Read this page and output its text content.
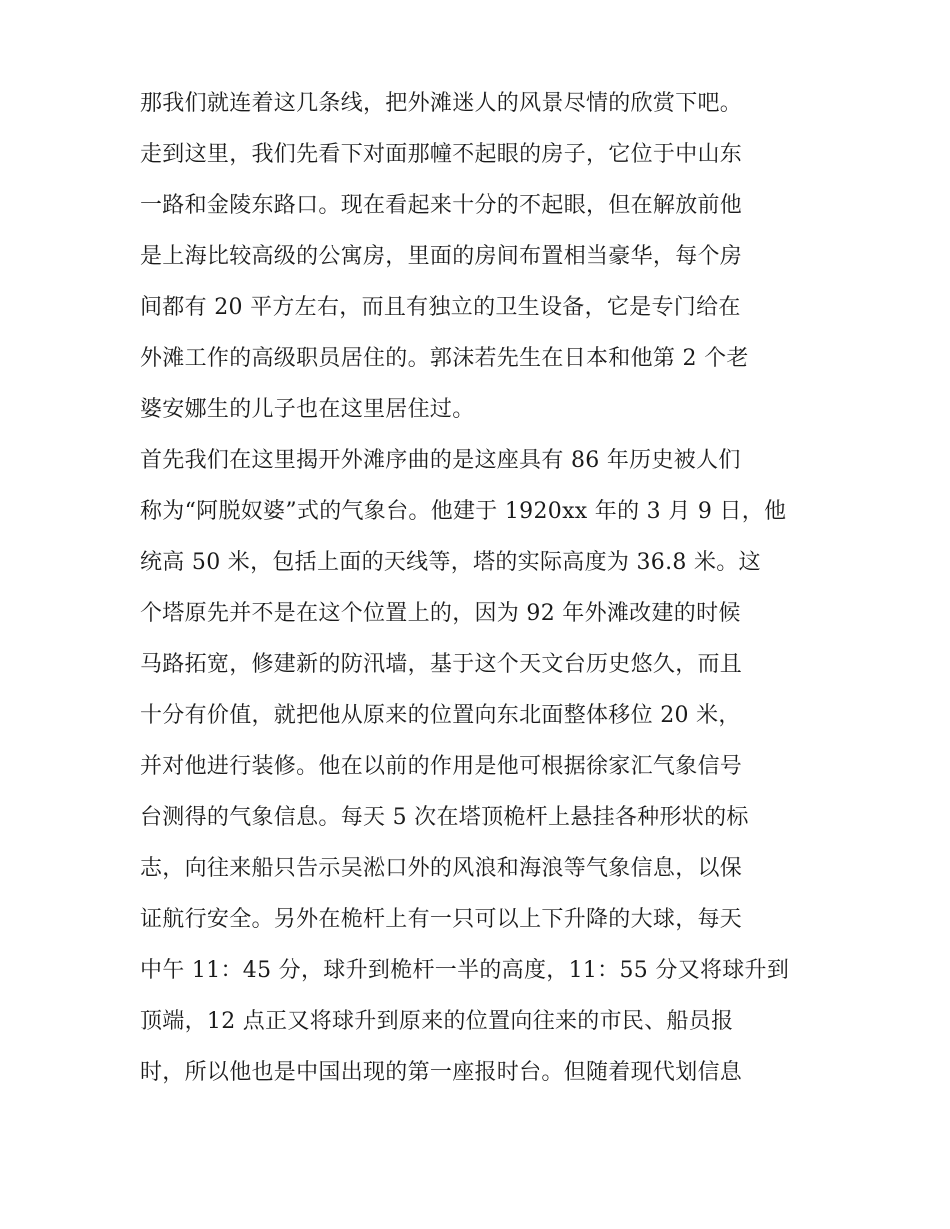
那我们就连着这几条线，把外滩迷人的风景尽情的欣赏下吧。
走到这里，我们先看下对面那幢不起眼的房子，它位于中山东
一路和金陵东路口。现在看起来十分的不起眼，但在解放前他
是上海比较高级的公寓房，里面的房间布置相当豪华，每个房
间都有 20 平方左右，而且有独立的卫生设备，它是专门给在
外滩工作的高级职员居住的。郭沫若先生在日本和他第 2 个老
婆安娜生的儿子也在这里居住过。
首先我们在这里揭开外滩序曲的是这座具有 86 年历史被人们
称为“阿脱奴婆”式的气象台。他建于 1920xx 年的 3 月 9 日，他
统高 50 米，包括上面的天线等，塔的实际高度为 36.8 米。这
个塔原先并不是在这个位置上的，因为 92 年外滩改建的时候
马路拓宽，修建新的防汛墙，基于这个天文台历史悠久，而且
十分有价值，就把他从原来的位置向东北面整体移位 20 米，
并对他进行装修。他在以前的作用是他可根据徐家汇气象信号
台测得的气象信息。每天 5 次在塔顶桅杆上悬挂各种形状的标
志，向往来船只告示吴淞口外的风浪和海浪等气象信息，以保
证航行安全。另外在桅杆上有一只可以上下升降的大球，每天
中午 11：45 分，球升到桅杆一半的高度，11：55 分又将球升到
顶端，12 点正又将球升到原来的位置向往来的市民、船员报
时，所以他也是中国出现的第一座报时台。但随着现代划信息
